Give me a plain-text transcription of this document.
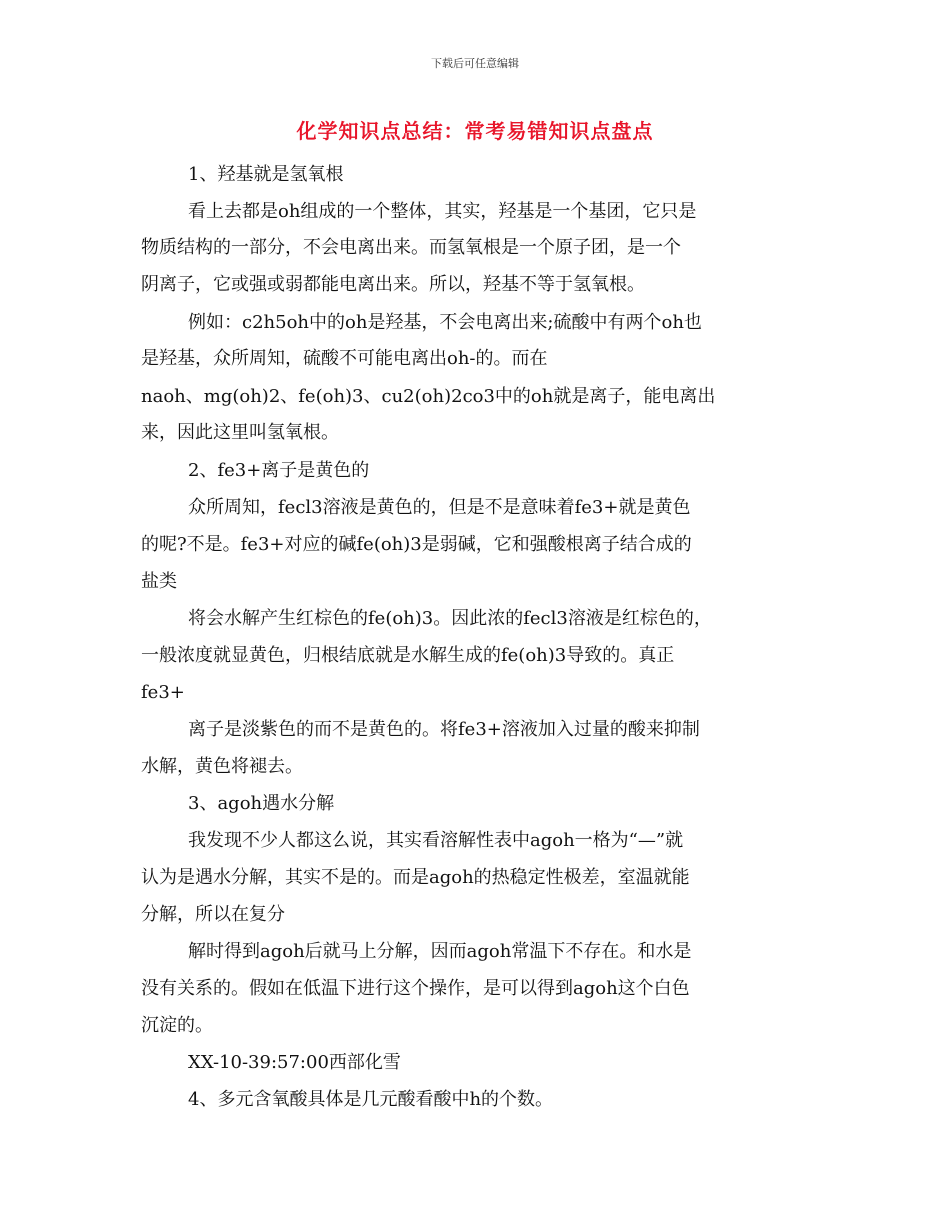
下载后可任意编辑
化学知识点总结：常考易错知识点盘点
1、羟基就是氢氧根
看上去都是oh组成的一个整体，其实，羟基是一个基团，它只是
物质结构的一部分，不会电离出来。而氢氧根是一个原子团，是一个
阴离子，它或强或弱都能电离出来。所以，羟基不等于氢氧根。
例如：c2h5oh中的oh是羟基，不会电离出来;硫酸中有两个oh也
是羟基，众所周知，硫酸不可能电离出oh-的。而在
naoh、mg(oh)2、fe(oh)3、cu2(oh)2co3中的oh就是离子，能电离出
来，因此这里叫氢氧根。
2、fe3+离子是黄色的
众所周知，fecl3溶液是黄色的，但是不是意味着fe3+就是黄色
的呢?不是。fe3+对应的碱fe(oh)3是弱碱，它和强酸根离子结合成的
盐类
将会水解产生红棕色的fe(oh)3。因此浓的fecl3溶液是红棕色的，
一般浓度就显黄色，归根结底就是水解生成的fe(oh)3导致的。真正
fe3+
离子是淡紫色的而不是黄色的。将fe3+溶液加入过量的酸来抑制
水解，黄色将褪去。
3、agoh遇水分解
我发现不少人都这么说，其实看溶解性表中agoh一格为“—”就
认为是遇水分解，其实不是的。而是agoh的热稳定性极差，室温就能
分解，所以在复分
解时得到agoh后就马上分解，因而agoh常温下不存在。和水是
没有关系的。假如在低温下进行这个操作，是可以得到agoh这个白色
沉淀的。
XX-10-39:57:00西部化雪
4、多元含氧酸具体是几元酸看酸中h的个数。
